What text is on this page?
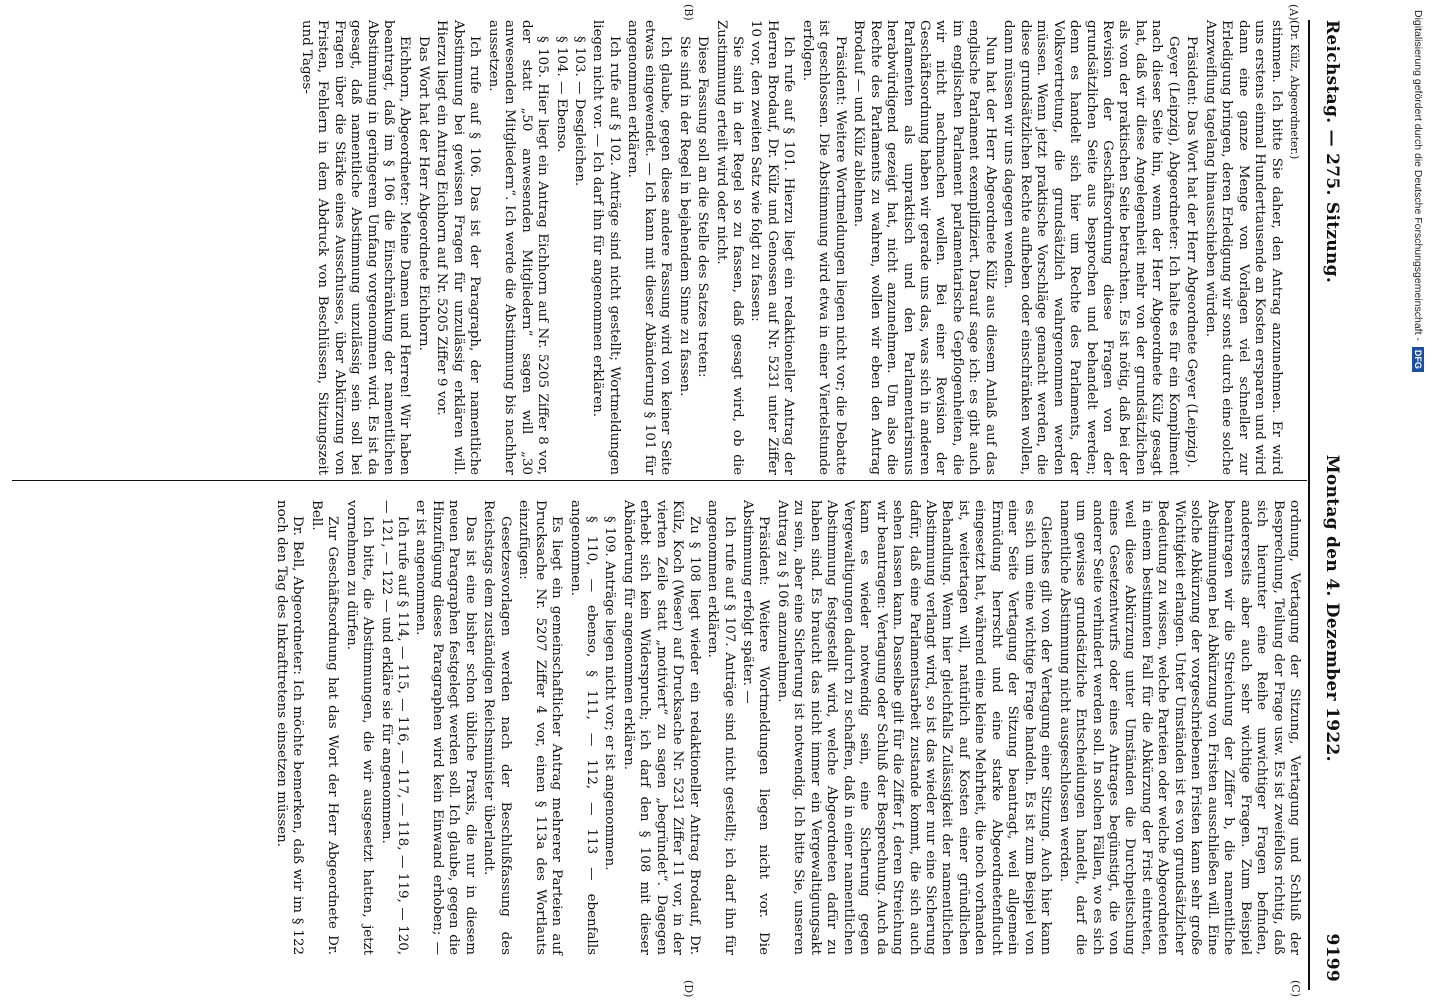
Reichstag. — 275. Sitzung.
Montag den 4. Dezember 1922.
9199
(A)
(B)
(C)
(D)

(Dr. Külz, Abgeordneter.)

stimmen. Ich bitte Sie daher, den Antrag anzunehmen. Er wird uns erstens einmal Hunderttausende an Kosten ersparen und wird dann eine ganze Menge von Vorlagen viel schneller zur Erledigung bringen, deren Erledigung wir sonst durch eine solche Anzweiflung tagelang hinausschieben würden.

Präsident: Das Wort hat der Herr Abgeordnete Geyer (Leipzig).

Geyer (Leipzig), Abgeordneter: Ich halte es für ein Kompliment nach dieser Seite hin, wenn der Herr Abgeordnete Külz gesagt hat, daß wir diese Angelegenheit mehr von der grundsätzlichen als von der praktischen Seite betrachten. Es ist nötig, daß bei der Revision der Geschäftsordnung diese Fragen von der grundsätzlichen Seite aus besprochen und behandelt werden; denn es handelt sich hier um Rechte des Parlaments, der Volksvertretung, die grundsätzlich wahrgenommen werden müssen. Wenn jetzt praktische Vorschläge gemacht werden, die diese grundsätzlichen Rechte aufheben oder einschränken wollen, dann müssen wir uns dagegen wenden.

Nun hat der Herr Abgeordnete Külz aus diesem Anlaß auf das englische Parlament exemplifiziert. Darauf sage ich: es gibt auch im englischen Parlament parlamentarische Gepflogenheiten, die wir nicht nachmachen wollen. Bei einer Revision der Geschäftsordnung haben wir gerade uns das, was sich in anderen Parlamenten als unpraktisch und den Parlamentarismus herabwürdigend gezeigt hat, nicht anzunehmen. Um also die Rechte des Parlaments zu wahren, wollen wir eben den Antrag Brodauf — und Külz ablehnen.

Präsident: Weitere Wortmeldungen liegen nicht vor; die Debatte ist geschlossen. Die Abstimmung wird etwa in einer Viertelstunde erfolgen.

Ich rufe auf § 101. Hierzu liegt ein redaktioneller Antrag der Herren Brodauf, Dr. Külz und Genossen auf Nr. 5231 unter Ziffer 10 vor, den zweiten Satz wie folgt zu fassen:

Sie sind in der Regel so zu fassen, daß gesagt wird, ob die Zustimmung erteilt wird oder nicht.

Diese Fassung soll an die Stelle des Satzes treten:

Sie sind in der Regel in bejahendem Sinne zu fassen.

Ich glaube, gegen diese andere Fassung wird von keiner Seite etwas eingewendet. — Ich kann mit dieser Abänderung § 101 für angenommen erklären.

Ich rufe auf § 102. Anträge sind nicht gestellt; Wortmeldungen liegen nicht vor. — Ich darf ihn für angenommen erklären.

§ 103. — Desgleichen.

§ 104. — Ebenso.

§ 105. Hier liegt ein Antrag Eichhorn auf Nr. 5205 Ziffer 8 vor, der statt „50 anwesenden Mitgliedern“ sagen will „30 anwesenden Mitgliedern“. Ich werde die Abstimmung bis nachher aussetzen.

Ich rufe auf § 106. Das ist der Paragraph, der namentliche Abstimmung bei gewissen Fragen für unzulässig erklären will. Hierzu liegt ein Antrag Eichhorn auf Nr. 5205 Ziffer 9 vor.

Das Wort hat der Herr Abgeordnete Eichhorn.

Eichhorn, Abgeordneter: Meine Damen und Herren! Wir haben beantragt, daß im § 106 die Einschränkung der namentlichen Abstimmung in geringerem Umfang vorgenommen wird. Es ist da gesagt, daß namentliche Abstimmung unzulässig sein soll bei Fragen über die Stärke eines Ausschusses, über Abkürzung von Fristen, Fehlern in dem Abdruck von Beschlüssen, Sitzungszeit und Tages-

ordnung, Vertagung der Sitzung, Vertagung und Schluß der Besprechung, Teilung der Frage usw. Es ist zweifellos richtig, daß sich hierunter eine Reihe unwichtiger Fragen befinden, andererseits aber auch sehr wichtige Fragen. Zum Beispiel beantragen wir die Streichung der Ziffer b, die namentliche Abstimmungen bei Abkürzung von Fristen ausschließen will. Eine solche Abkürzung der vorgeschriebenen Fristen kann sehr große Wichtigkeit erlangen. Unter Umständen ist es von grundsätzlicher Bedeutung zu wissen, welche Parteien oder welche Abgeordneten in einem bestimmten Fall für die Abkürzung der Frist eintreten, weil diese Abkürzung unter Umständen die Durchpeitschung eines Gesetzentwurfs oder eines Antrages begünstigt, die von anderer Seite verhindert werden soll. In solchen Fällen, wo es sich um gewisse grundsätzliche Entscheidungen handelt, darf die namentliche Abstimmung nicht ausgeschlossen werden.

Gleiches gilt von der Vertagung einer Sitzung. Auch hier kann es sich um eine wichtige Frage handeln. Es ist zum Beispiel von einer Seite Vertagung der Sitzung beantragt, weil allgemein Ermüdung herrscht und eine starke Abgeordnetenflucht eingesetzt hat, während eine kleine Mehrheit, die noch vorhanden ist, weitertagen will, natürlich auf Kosten einer gründlichen Behandlung. Wenn hier gleichfalls Zulässigkeit der namentlichen Abstimmung verlangt wird, so ist das wieder nur eine Sicherung dafür, daß eine Parlamentsarbeit zustande kommt, die sich auch sehen lassen kann. Dasselbe gilt für die Ziffer f, deren Streichung wir beantragen: Vertagung oder Schluß der Besprechung. Auch da kann es wieder notwendig sein, eine Sicherung gegen Vergewaltigungen dadurch zu schaffen, daß in einer namentlichen Abstimmung festgestellt wird, welche Abgeordneten dafür zu haben sind. Es braucht das nicht immer ein Vergewaltigungsakt zu sein, aber eine Sicherung ist notwendig. Ich bitte Sie, unseren Antrag zu § 106 anzunehmen.

Präsident: Weitere Wortmeldungen liegen nicht vor. Die Abstimmung erfolgt später. —

Ich rufe auf § 107. Anträge sind nicht gestellt; ich darf ihn für angenommen erklären.

Zu § 108 liegt wieder ein redaktioneller Antrag Brodauf, Dr. Külz, Koch (Weser) auf Drucksache Nr. 5231 Ziffer 11 vor, in der vierten Zeile statt „motiviert“ zu sagen „begründet“. Dagegen erhebt sich kein Widerspruch; ich darf den § 108 mit dieser Abänderung für angenommen erklären.

§ 109. Anträge liegen nicht vor; er ist angenommen.

§ 110, — ebenso, § 111, — 112, — 113 — ebenfalls angenommen.

Es liegt ein gemeinschaftlicher Antrag mehrerer Parteien auf Drucksache Nr. 5207 Ziffer 4 vor, einen § 113a des Wortlauts einzufügen:

Gesetzesvorlagen werden nach der Beschlußfassung des Reichstags dem zuständigen Reichsminister überlandt.

Das ist eine bisher schon übliche Praxis, die nur in diesem neuen Paragraphen festgelegt werden soll. Ich glaube, gegen die Hinzufügung dieses Paragraphen wird kein Einwand erhoben; — er ist angenommen.

Ich rufe auf § 114, — 115, — 116, — 117, — 118, — 119, — 120, — 121, — 122 — und erkläre sie für angenommen.

Ich bitte, die Abstimmungen, die wir ausgesetzt hatten, jetzt vornehmen zu dürfen.

Zur Geschäftsordnung hat das Wort der Herr Abgeordnete Dr. Bell.

Dr. Bell, Abgeordneter: Ich möchte bemerken, daß wir im § 122 noch den Tag des Inkrafttretens einsetzen müssen.

Digitalisierung gefördert durch die Deutsche Forschungsgemeinschaft -
DFG
